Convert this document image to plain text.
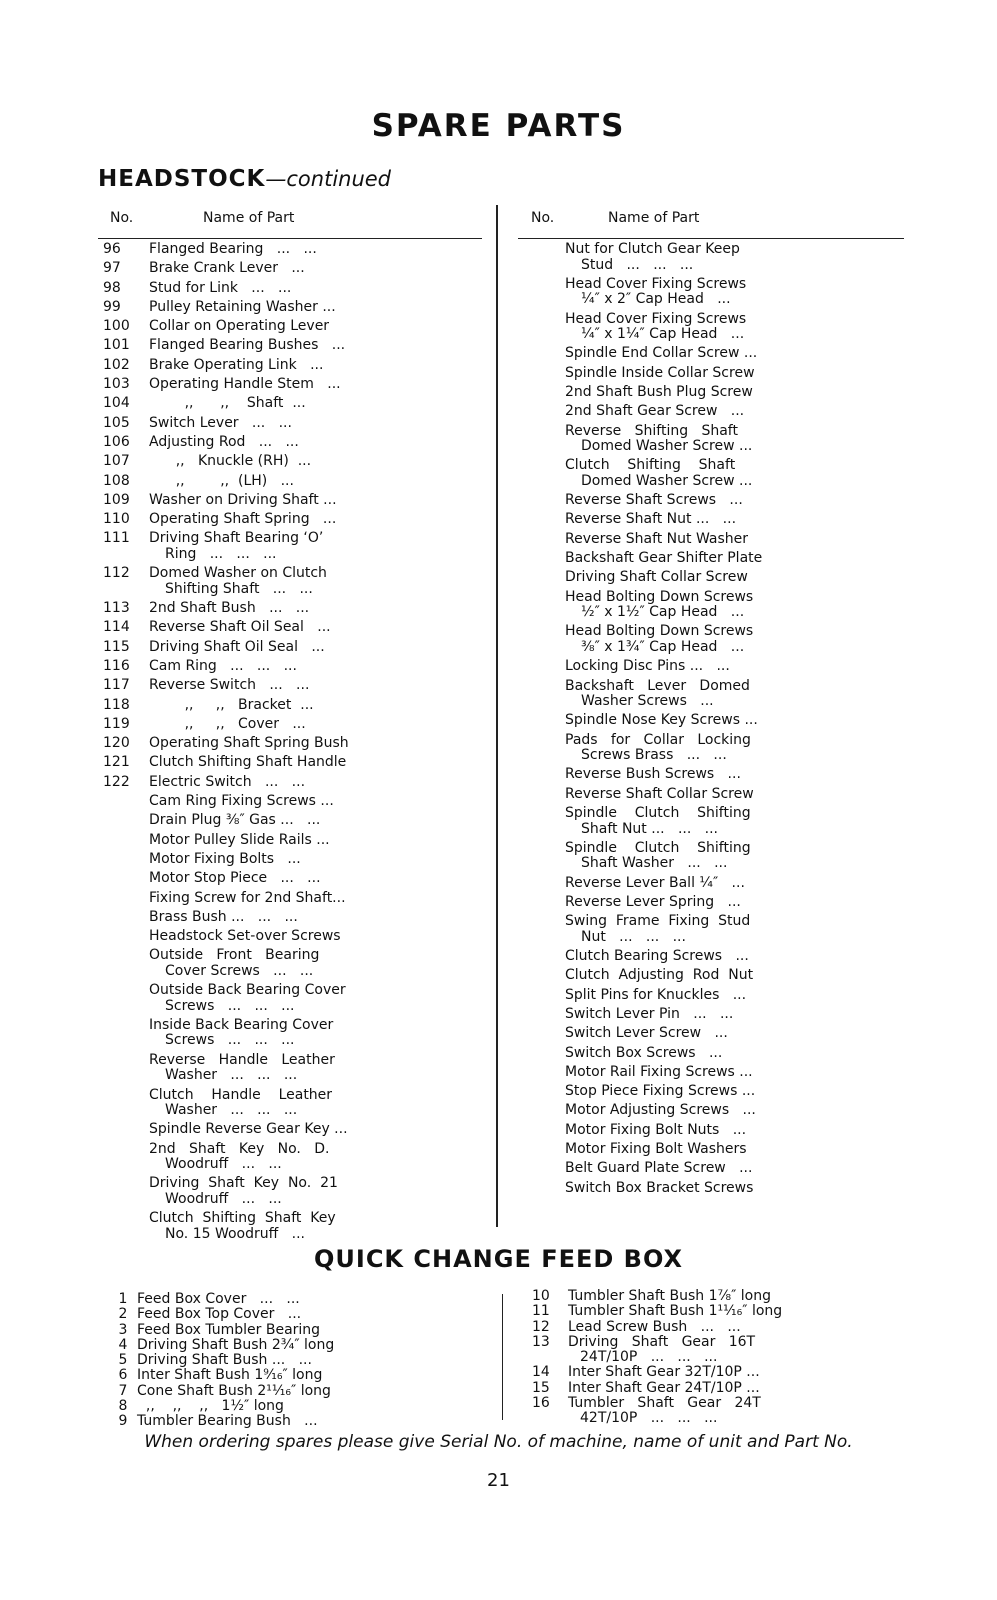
SPARE PARTS
HEADSTOCK—continued
No.	Name of Part	No.	Name of Part
96	Flanged Bearing   ...   ...
97	Brake Crank Lever   ...
98	Stud for Link   ...   ...
99	Pulley Retaining Washer ...
100	Collar on Operating Lever
101	Flanged Bearing Bushes   ...
102	Brake Operating Link   ...
103	Operating Handle Stem   ...
104	,,      ,,    Shaft  ...
105	Switch Lever   ...   ...
106	Adjusting Rod   ...   ...
107	,,   Knuckle (RH)  ...
108	,,        ,,  (LH)   ...
109	Washer on Driving Shaft ...
110	Operating Shaft Spring   ...
111	Driving Shaft Bearing ‘O’
Ring   ...   ...   ...
112	Domed Washer on Clutch
Shifting Shaft   ...   ...
113	2nd Shaft Bush   ...   ...
114	Reverse Shaft Oil Seal   ...
115	Driving Shaft Oil Seal   ...
116	Cam Ring   ...   ...   ...
117	Reverse Switch   ...   ...
118	,,     ,,   Bracket  ...
119	,,     ,,   Cover   ...
120	Operating Shaft Spring Bush
121	Clutch Shifting Shaft Handle
122	Electric Switch   ...   ...
Cam Ring Fixing Screws ...
Drain Plug ⅜″ Gas ...   ...
Motor Pulley Slide Rails ...
Motor Fixing Bolts   ...
Motor Stop Piece   ...   ...
Fixing Screw for 2nd Shaft...
Brass Bush ...   ...   ...
Headstock Set-over Screws
Outside   Front   Bearing
Cover Screws   ...   ...
Outside Back Bearing Cover
Screws   ...   ...   ...
Inside Back Bearing Cover
Screws   ...   ...   ...
Reverse   Handle   Leather
Washer   ...   ...   ...
Clutch    Handle    Leather
Washer   ...   ...   ...
Spindle Reverse Gear Key ...
2nd   Shaft   Key   No.   D.
Woodruff   ...   ...
Driving  Shaft  Key  No.  21
Woodruff   ...   ...
Clutch  Shifting  Shaft  Key
No. 15 Woodruff   ...
Nut for Clutch Gear Keep
Stud   ...   ...   ...
Head Cover Fixing Screws
¼″ x 2″ Cap Head   ...
Head Cover Fixing Screws
¼″ x 1¼″ Cap Head   ...
Spindle End Collar Screw ...
Spindle Inside Collar Screw
2nd Shaft Bush Plug Screw
2nd Shaft Gear Screw   ...
Reverse   Shifting   Shaft
Domed Washer Screw ...
Clutch    Shifting    Shaft
Domed Washer Screw ...
Reverse Shaft Screws   ...
Reverse Shaft Nut ...   ...
Reverse Shaft Nut Washer
Backshaft Gear Shifter Plate
Driving Shaft Collar Screw
Head Bolting Down Screws
½″ x 1½″ Cap Head   ...
Head Bolting Down Screws
⅜″ x 1¾″ Cap Head   ...
Locking Disc Pins ...   ...
Backshaft   Lever   Domed
Washer Screws   ...
Spindle Nose Key Screws ...
Pads   for   Collar   Locking
Screws Brass   ...   ...
Reverse Bush Screws   ...
Reverse Shaft Collar Screw
Spindle    Clutch    Shifting
Shaft Nut ...   ...   ...
Spindle    Clutch    Shifting
Shaft Washer   ...   ...
Reverse Lever Ball ¼″   ...
Reverse Lever Spring   ...
Swing  Frame  Fixing  Stud
Nut   ...   ...   ...
Clutch Bearing Screws   ...
Clutch  Adjusting  Rod  Nut
Split Pins for Knuckles   ...
Switch Lever Pin   ...   ...
Switch Lever Screw   ...
Switch Box Screws   ...
Motor Rail Fixing Screws ...
Stop Piece Fixing Screws ...
Motor Adjusting Screws   ...
Motor Fixing Bolt Nuts   ...
Motor Fixing Bolt Washers
Belt Guard Plate Screw   ...
Switch Box Bracket Screws
QUICK CHANGE FEED BOX
1 Feed Box Cover   ...   ...
2 Feed Box Top Cover   ...
3 Feed Box Tumbler Bearing
4 Driving Shaft Bush 2¾″ long
5 Driving Shaft Bush ...   ...
6 Inter Shaft Bush 1⁹⁄₁₆″ long
7 Cone Shaft Bush 2¹¹⁄₁₆″ long
8 ,,    ,,    ,,   1½″ long
9 Tumbler Bearing Bush   ...
10	Tumbler Shaft Bush 1⅞″ long
11	Tumbler Shaft Bush 1¹¹⁄₁₆″ long
12	Lead Screw Bush   ...   ...
13	Driving   Shaft   Gear   16T
24T/10P   ...   ...   ...
14	Inter Shaft Gear 32T/10P ...
15	Inter Shaft Gear 24T/10P ...
16	Tumbler   Shaft   Gear   24T
42T/10P   ...   ...   ...
When ordering spares please give Serial No. of machine, name of unit and Part No.
21
